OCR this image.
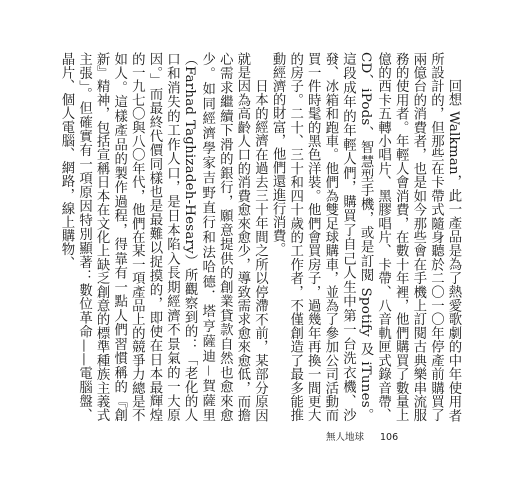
回想 Walkman，此一產品是為了熱愛歌劇的中年使用者所設計的，但那些在卡帶式隨身聽於二〇一〇年停產前購買了兩億台的消費者，也是如今那些會在手機上訂閱古典樂串流服務的使用者。年輕人會消費，在數十年裡，他們購買了數量上億的西卡五轉小唱片、黑膠唱片、卡帶、八音軌匣式錄音帶、CD、iPods、智慧型手機，或是訂閱 Spotify 及 iTunes。這段成年的年輕人們，購買了自己人生中第一台洗衣機、沙發、冰箱和跑車。他們為雙足球購車，並為了參加公司活動而買一件時髦的黑色洋裝。他們會買房子，過幾年再換一間更大的房子。二十、三十和四十歲的工作者，不僅創造了最多能推動經濟的財富，他們還進行消費。

日本的經濟在過去三十年間之所以停滯不前，某部分原因就是因為高齡人口的消費愈來愈少，導致需求愈來愈低，而擔心需求繼續下滑的銀行，願意提供的創業貸款自然也愈來愈少。如同經濟學家吉野直行和法哈德．塔亨薩迪－賀薩里（Farhad Taghizadeh-Hesary）所觀察到的：「老化的人口和消失的工作人口，是日本陷入長期經濟不景氣的一大原因。」而最終代價同樣也是最難以捉摸的，即使在日本最輝煌的一九七〇與八〇年代，他們在某一項產品上的競爭力總是不如人。這樣產品的製作過程，得靠有一點人們習慣稱的『創新』精神，包括宣稱日本在文化上缺乏創意的標準種族主義式主張」。但確實有一項原因特別顯著：數位革命——電腦盤、晶片、個人電腦、網路，線上購物、

無人地球 106
